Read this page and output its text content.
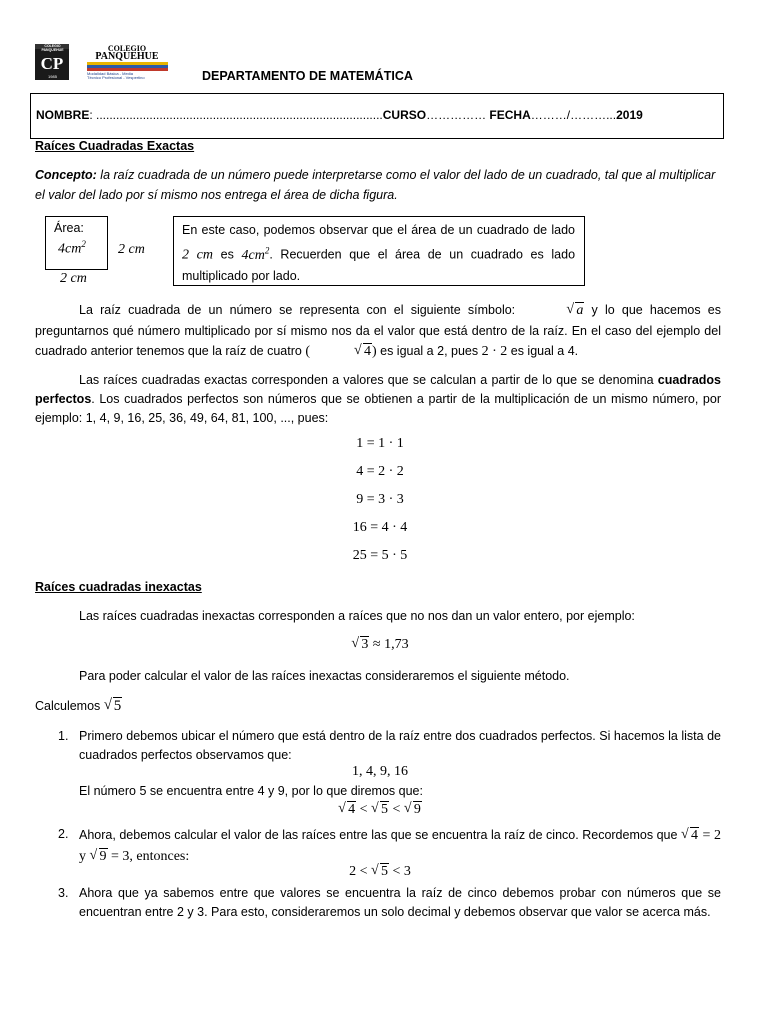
CP
COLEGIO PANQUEHUE
1985
COLEGIO
PANQUEHUE
Modalidad Básica - Media
Técnico Profesional - Vespertino	DEPARTAMENTO DE MATEMÁTICA
NOMBRE: ......................................................................................CURSO…………… FECHA………/………...2019
Raíces Cuadradas Exactas
Concepto: la raíz cuadrada de un número puede interpretarse como el valor del lado de un cuadrado, tal que al multiplicar el valor del lado por sí mismo nos entrega el área de dicha figura.
Área:
$4cm^2$ 2 cm
2 cm
En este caso, podemos observar que el área de un cuadrado de lado 2 cm es $4cm^2$. Recuerden que el área de un cuadrado es lado multiplicado por lado.
La raíz cuadrada de un número se representa con el siguiente símbolo:	√ a y lo que hacemos es preguntarnos qué número multiplicado por sí mismo nos da el valor que está dentro de la raíz. En el caso del ejemplo del cuadrado anterior tenemos que la raíz de cuatro (	√ 4) es igual a 2, pues 2 · 2 es igual a 4.
Las raíces cuadradas exactas corresponden a valores que se calculan a partir de lo que se denomina cuadrados perfectos. Los cuadrados perfectos son números que se obtienen a partir de la multiplicación de un mismo número, por ejemplo: 1, 4, 9, 16, 25, 36, 49, 64, 81, 100, ..., pues:
1 = 1 · 1
4 = 2 · 2
9 = 3 · 3
16 = 4 · 4
25 = 5 · 5
Raíces cuadradas inexactas
Las raíces cuadradas inexactas corresponden a raíces que no nos dan un valor entero, por ejemplo:
√ 3 ≈ 1,73
Para poder calcular el valor de las raíces inexactas consideraremos el siguiente método.
Calculemos √ 5
1. Primero debemos ubicar el número que está dentro de la raíz entre dos cuadrados perfectos. Si hacemos la lista de cuadrados perfectos observamos que:
1, 4, 9, 16
El número 5 se encuentra entre 4 y 9, por lo que diremos que:
√ 4 < √ 5 < √ 9
2. Ahora, debemos calcular el valor de las raíces entre las que se encuentra la raíz de cinco. Recordemos que √ 4 = 2 y √ 9 = 3, entonces:
2 < √ 5 < 3
3. Ahora que ya sabemos entre que valores se encuentra la raíz de cinco debemos probar con números que se encuentran entre 2 y 3. Para esto, consideraremos un solo decimal y debemos observar que valor se acerca más.
